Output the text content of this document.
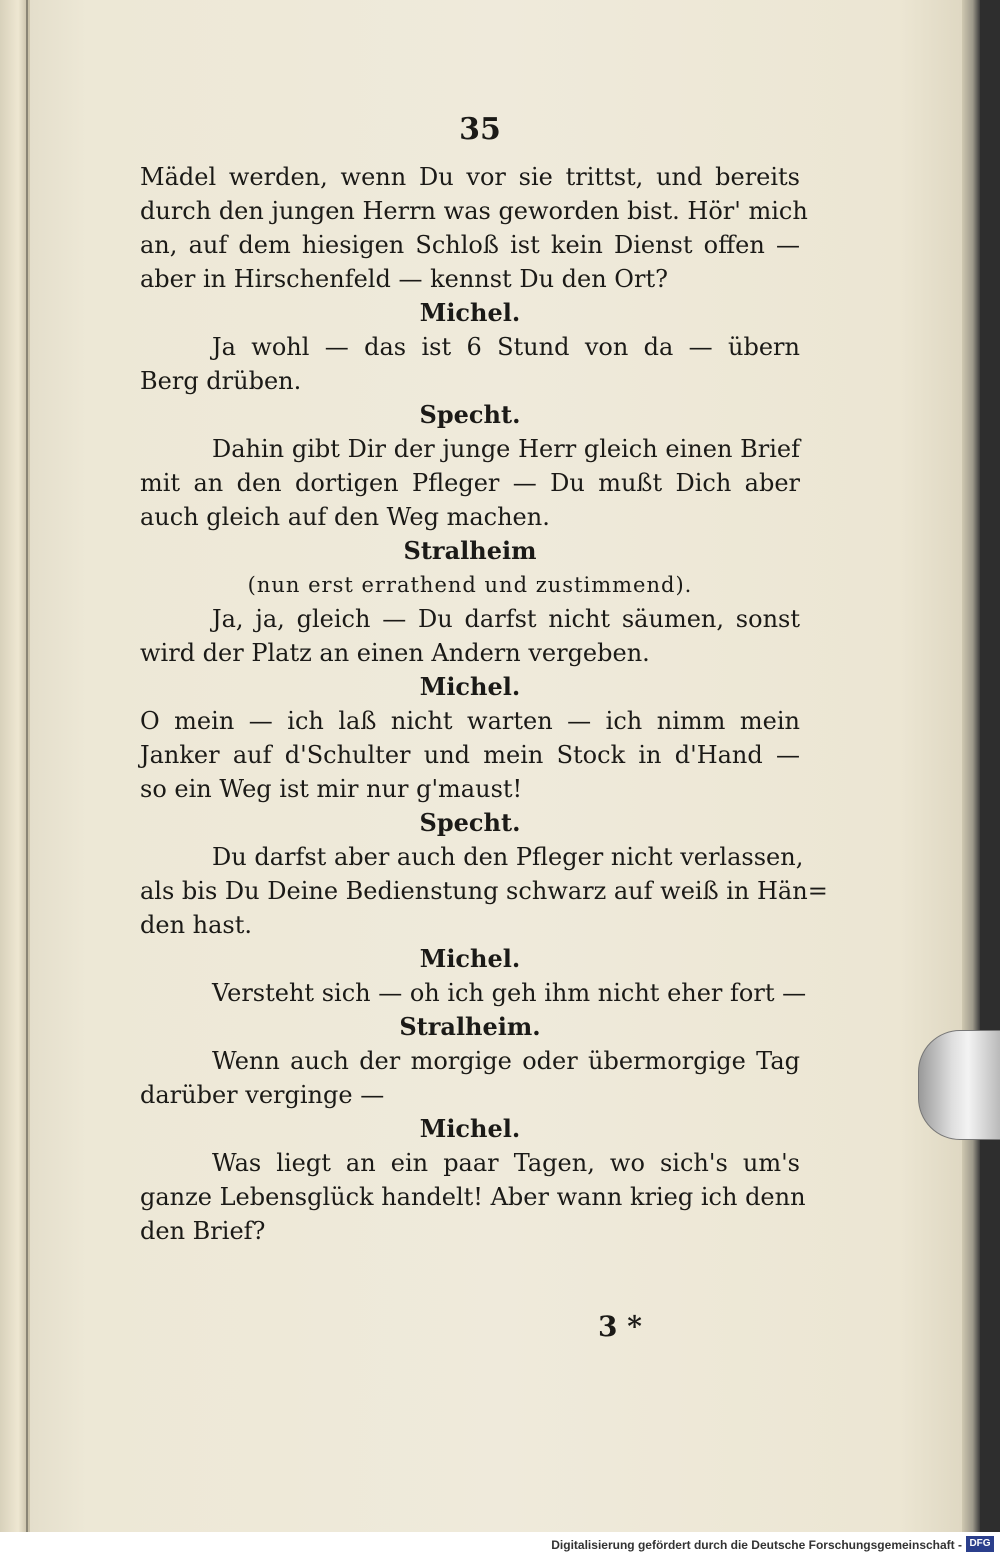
35
Mädel werden, wenn Du vor sie trittst, und bereits
durch den jungen Herrn was geworden bist. Hör' mich
an, auf dem hiesigen Schloß ist kein Dienst offen —
aber in Hirschenfeld — kennst Du den Ort?
Michel.
Ja wohl — das ist 6 Stund von da — übern
Berg drüben.
Specht.
Dahin gibt Dir der junge Herr gleich einen Brief
mit an den dortigen Pfleger — Du mußt Dich aber
auch gleich auf den Weg machen.
Stralheim
(nun erst errathend und zustimmend).
Ja, ja, gleich — Du darfst nicht säumen, sonst
wird der Platz an einen Andern vergeben.
Michel.
O mein — ich laß nicht warten — ich nimm mein
Janker auf d'Schulter und mein Stock in d'Hand —
so ein Weg ist mir nur g'maust!
Specht.
Du darfst aber auch den Pfleger nicht verlassen,
als bis Du Deine Bedienstung schwarz auf weiß in Hän=
den hast.
Michel.
Versteht sich — oh ich geh ihm nicht eher fort —
Stralheim.
Wenn auch der morgige oder übermorgige Tag
darüber verginge —
Michel.
Was liegt an ein paar Tagen, wo sich's um's
ganze Lebensglück handelt! Aber wann krieg ich denn
den Brief?
3 *
Digitalisierung gefördert durch die Deutsche Forschungsgemeinschaft - DFG
